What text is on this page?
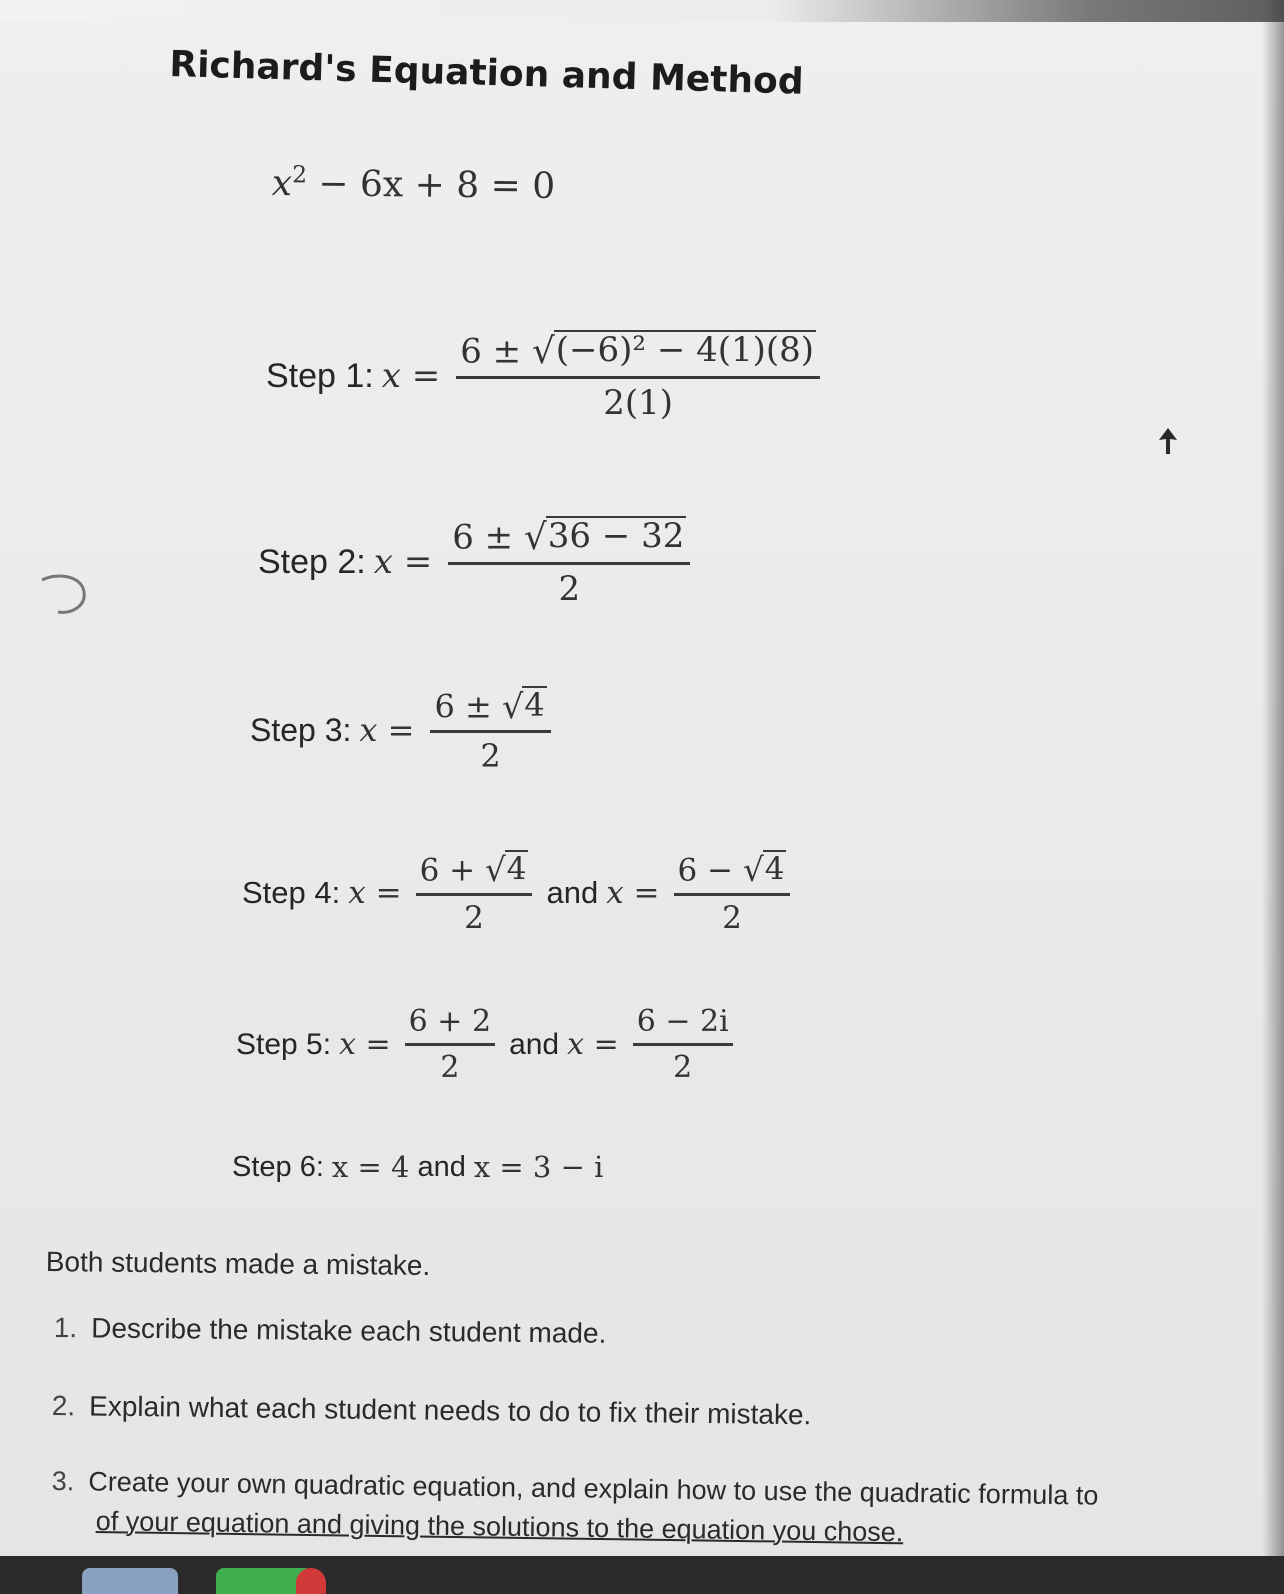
Richard's Equation and Method
$x^2 - 6x + 8 = 0$
Step 1: $x = \frac{\text{6 ± √ (−6)² − 4(1)(8)}}{2(1)}$
Step 2: $x = \frac{6 \pm √ 36 - 32}{2}$
Step 3: $x = \frac{6 \pm √ 4}{2}$
Step 4: $x = \frac{6 + √ 4}{2}$ and $x = \frac{6 - √ 4}{2}$
Step 5: $x = \frac{6 + 2}{2}$ and $x = \frac{6 - 2i}{2}$
Step 6: x = 4 and x = 3 − i
Both students made a mistake.
1. Describe the mistake each student made.
2. Explain what each student needs to do to fix their mistake.
3. Create your own quadratic equation, and explain how to use the quadratic formula to
of your equation and giving the solutions to the equation you chose.
